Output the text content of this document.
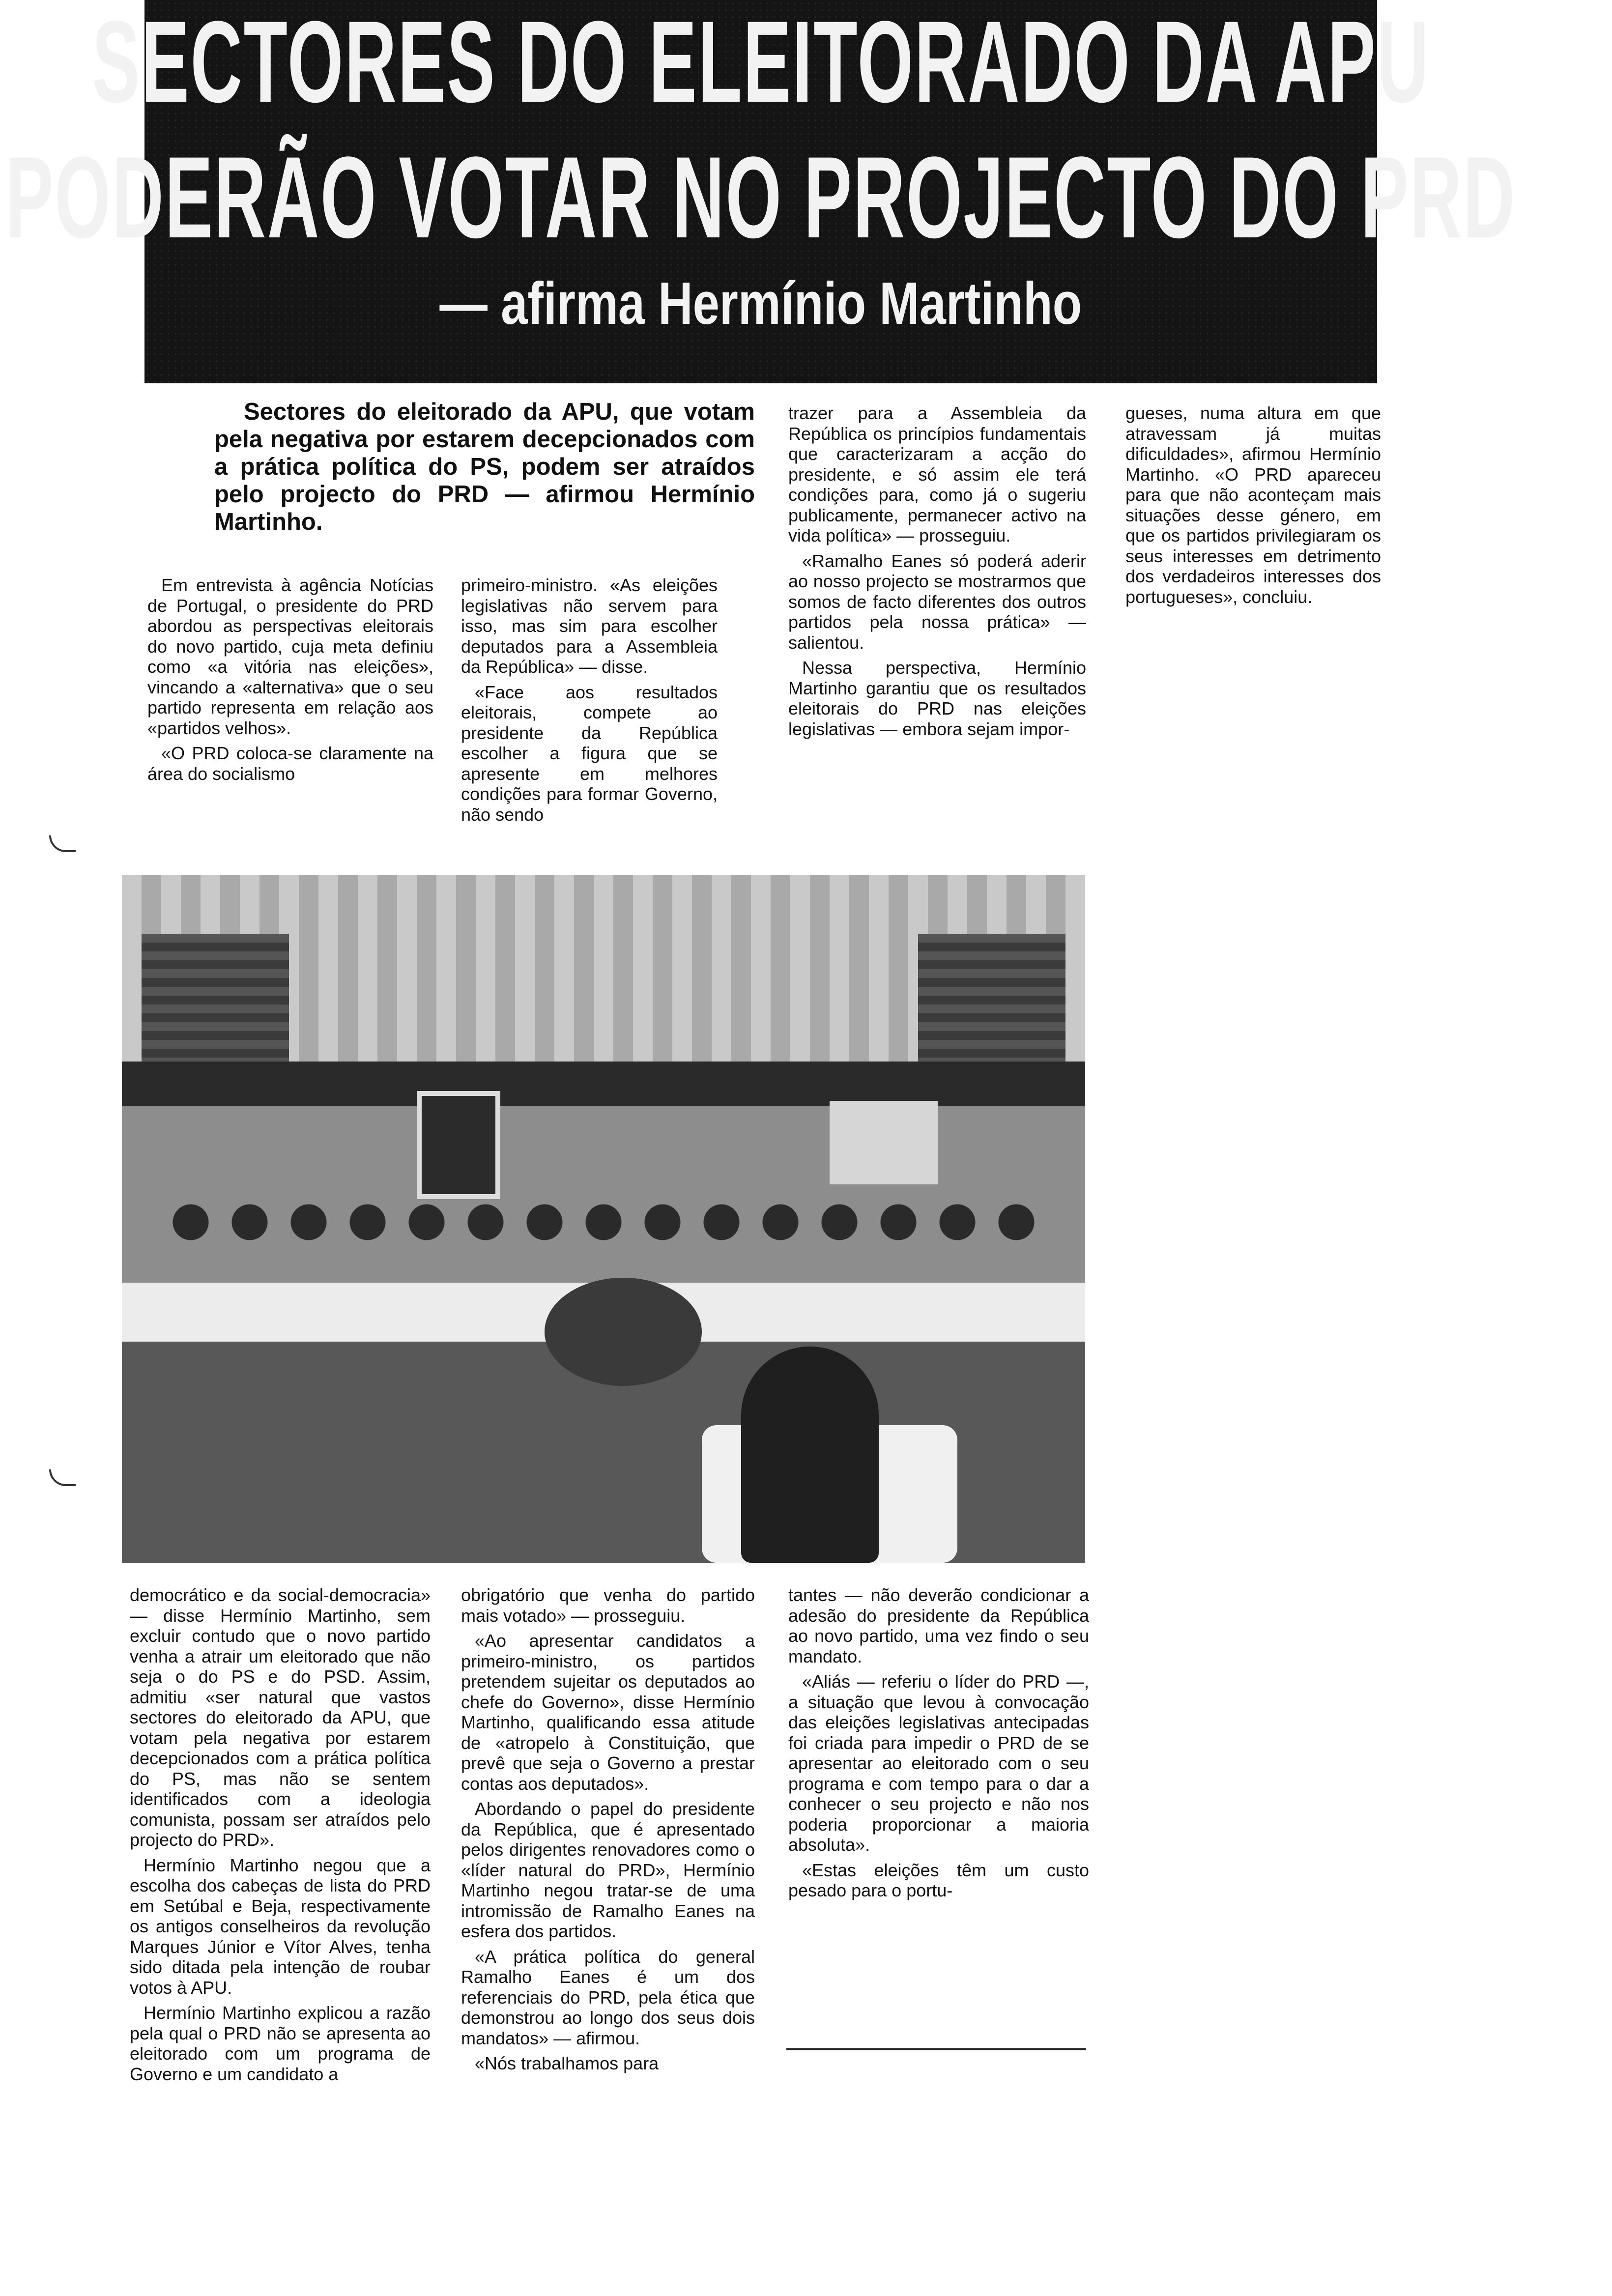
SECTORES DO ELEITORADO DA APU
PODERÃO VOTAR NO PROJECTO DO PRD
— afirma Hermínio Martinho

Sectores do eleitorado da APU, que votam pela negativa por estarem decepcionados com a prática política do PS, podem ser atraídos pelo projecto do PRD — afirmou Hermínio Martinho.

Em entrevista à agência Notícias de Portugal, o presidente do PRD abordou as perspectivas eleitorais do novo partido, cuja meta definiu como «a vitória nas eleições», vincando a «alternativa» que o seu partido representa em relação aos «partidos velhos».

«O PRD coloca-se claramente na área do socialismo

primeiro-ministro. «As eleições legislativas não servem para isso, mas sim para escolher deputados para a Assembleia da República» — disse.

«Face aos resultados eleitorais, compete ao presidente da República escolher a figura que se apresente em melhores condições para formar Governo, não sendo

trazer para a Assembleia da República os princípios fundamentais que caracterizaram a acção do presidente, e só assim ele terá condições para, como já o sugeriu publicamente, permanecer activo na vida política» — prosseguiu.

«Ramalho Eanes só poderá aderir ao nosso projecto se mostrarmos que somos de facto diferentes dos outros partidos pela nossa prática» — salientou.

Nessa perspectiva, Hermínio Martinho garantiu que os resultados eleitorais do PRD nas eleições legislativas — embora sejam impor-

gueses, numa altura em que atravessam já muitas dificuldades», afirmou Hermínio Martinho. «O PRD apareceu para que não aconteçam mais situações desse género, em que os partidos privilegiaram os seus interesses em detrimento dos verdadeiros interesses dos portugueses», concluiu.

democrático e da social-democracia» — disse Hermínio Martinho, sem excluir contudo que o novo partido venha a atrair um eleitorado que não seja o do PS e do PSD. Assim, admitiu «ser natural que vastos sectores do eleitorado da APU, que votam pela negativa por estarem decepcionados com a prática política do PS, mas não se sentem identificados com a ideologia comunista, possam ser atraídos pelo projecto do PRD».

Hermínio Martinho negou que a escolha dos cabeças de lista do PRD em Setúbal e Beja, respectivamente os antigos conselheiros da revolução Marques Júnior e Vítor Alves, tenha sido ditada pela intenção de roubar votos à APU.

Hermínio Martinho explicou a razão pela qual o PRD não se apresenta ao eleitorado com um programa de Governo e um candidato a

obrigatório que venha do partido mais votado» — prosseguiu.

«Ao apresentar candidatos a primeiro-ministro, os partidos pretendem sujeitar os deputados ao chefe do Governo», disse Hermínio Martinho, qualificando essa atitude de «atropelo à Constituição, que prevê que seja o Governo a prestar contas aos deputados».

Abordando o papel do presidente da República, que é apresentado pelos dirigentes renovadores como o «líder natural do PRD», Hermínio Martinho negou tratar-se de uma intromissão de Ramalho Eanes na esfera dos partidos.

«A prática política do general Ramalho Eanes é um dos referenciais do PRD, pela ética que demonstrou ao longo dos seus dois mandatos» — afirmou.

«Nós trabalhamos para

tantes — não deverão condicionar a adesão do presidente da República ao novo partido, uma vez findo o seu mandato.

«Aliás — referiu o líder do PRD —, a situação que levou à convocação das eleições legislativas antecipadas foi criada para impedir o PRD de se apresentar ao eleitorado com o seu programa e com tempo para o dar a conhecer o seu projecto e não nos poderia proporcionar a maioria absoluta».

«Estas eleições têm um custo pesado para o portu-
